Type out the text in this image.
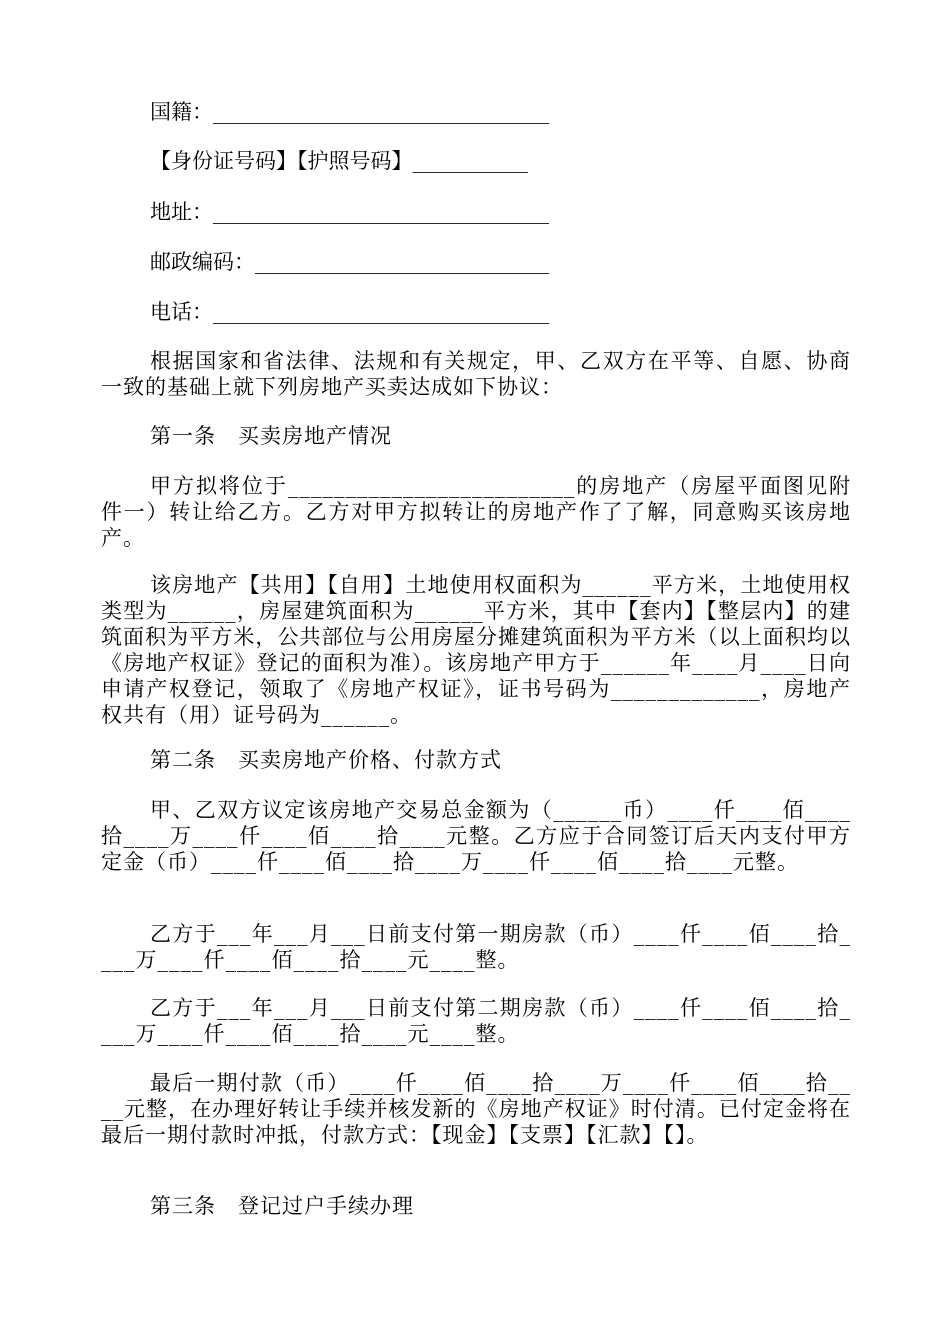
国籍：________________________________
【身份证号码】【护照号码】___________
地址：________________________________
邮政编码：____________________________
电话：________________________________

根据国家和省法律、法规和有关规定，甲、乙双方在平等、自愿、协商一致的基础上就下列房地产买卖达成如下协议：

第一条　买卖房地产情况

甲方拟将位于_________________________的房地产（房屋平面图见附件一）转让给乙方。乙方对甲方拟转让的房地产作了了解，同意购买该房地产。

该房地产【共用】【自用】土地使用权面积为______平方米，土地使用权类型为______，房屋建筑面积为______平方米，其中【套内】【整层内】的建筑面积为平方米，公共部位与公用房屋分摊建筑面积为平方米（以上面积均以《房地产权证》登记的面积为准）。该房地产甲方于______年____月____日向申请产权登记，领取了《房地产权证》，证书号码为_____________，房地产权共有（用）证号码为______。

第二条　买卖房地产价格、付款方式

甲、乙双方议定该房地产交易总金额为（______币）____仟____佰____拾____万____仟____佰____拾____元整。乙方应于合同签订后天内支付甲方定金（币）____仟____佰____拾____万____仟____佰____拾____元整。

乙方于___年___月___日前支付第一期房款（币）____仟____佰____拾____万____仟____佰____拾____元____整。

乙方于___年___月___日前支付第二期房款（币）____仟____佰____拾____万____仟____佰____拾____元____整。

最后一期付款（币）____仟____佰____拾____万____仟____佰____拾____元整，在办理好转让手续并核发新的《房地产权证》时付清。已付定金将在最后一期付款时冲抵，付款方式：【现金】【支票】【汇款】【】。

第三条　登记过户手续办理
